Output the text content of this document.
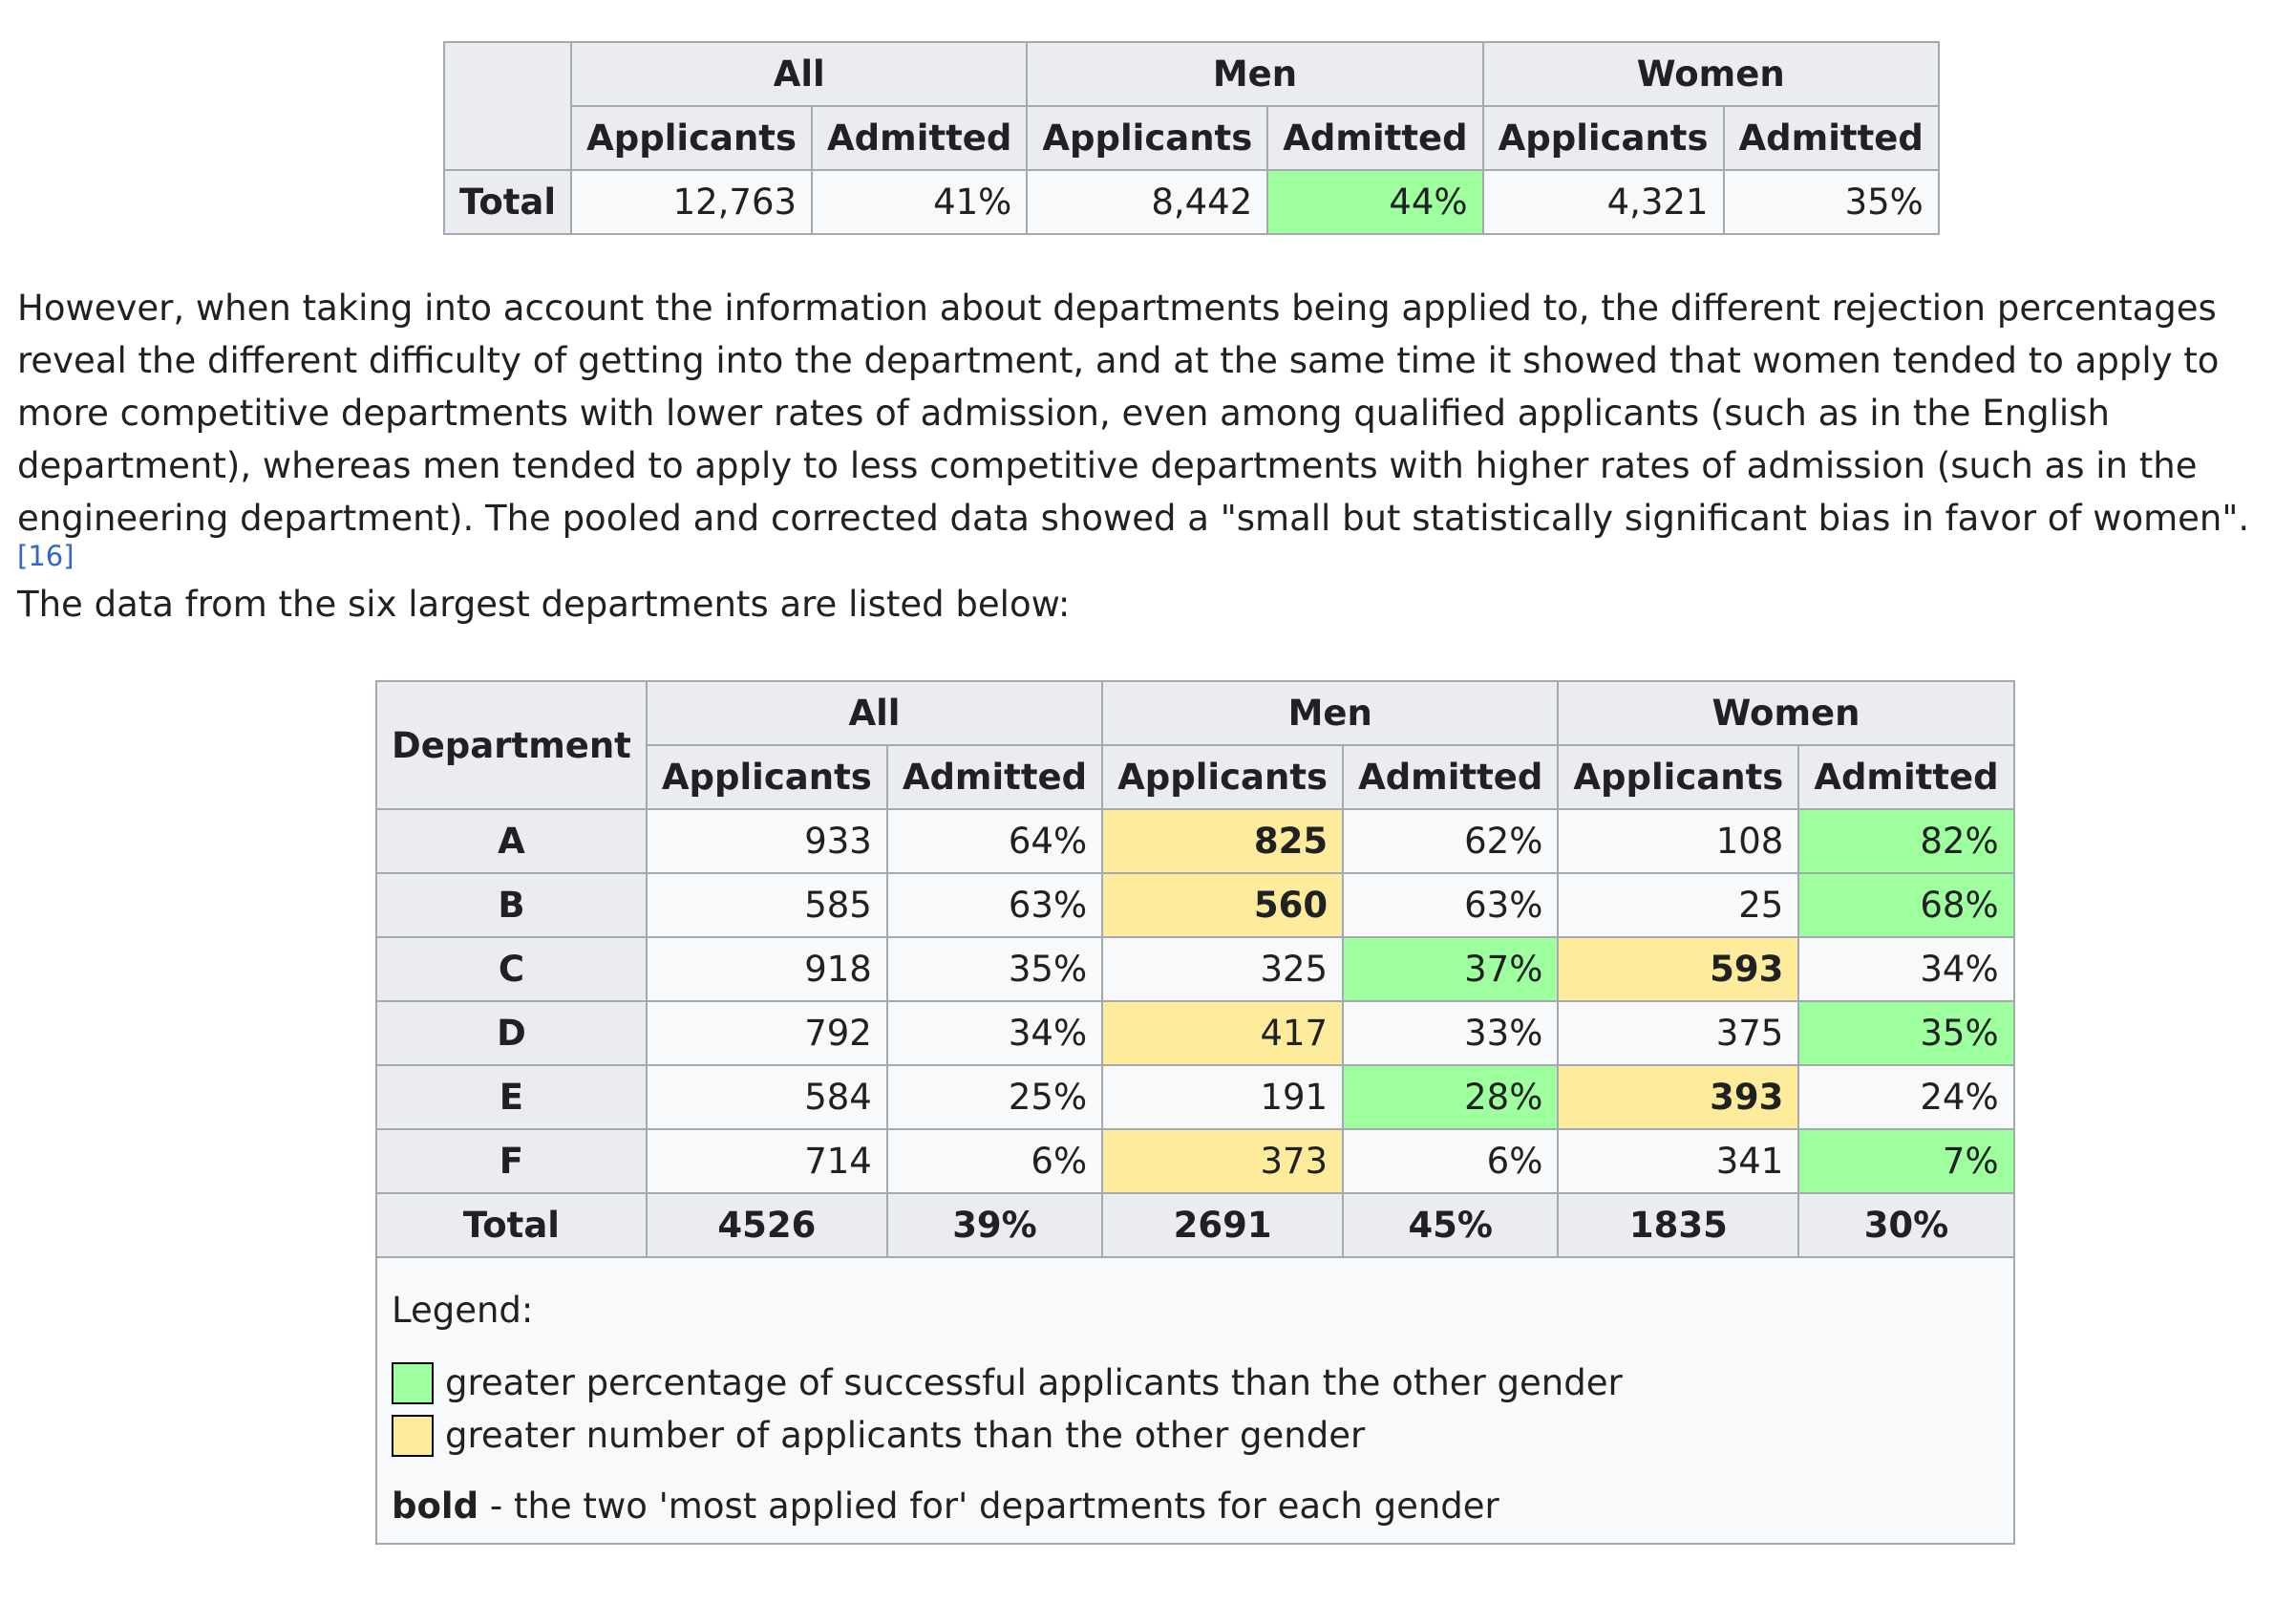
	All		Men		Women	
	Applicants	Admitted	Applicants	Admitted	Applicants	Admitted
Total	12,763	41%	8,442	44%	4,321	35%

However, when taking into account the information about departments being applied to, the different rejection percentages reveal the different difficulty of getting into the department, and at the same time it showed that women tended to apply to more competitive departments with lower rates of admission, even among qualified applicants (such as in the English department), whereas men tended to apply to less competitive departments with higher rates of admission (such as in the engineering department). The pooled and corrected data showed a "small but statistically significant bias in favor of women".[16]

The data from the six largest departments are listed below:

Department	All		Men		Women	
	Applicants	Admitted	Applicants	Admitted	Applicants	Admitted
A	933	64%	825	62%	108	82%
B	585	63%	560	63%	25	68%
C	918	35%	325	37%	593	34%
D	792	34%	417	33%	375	35%
E	584	25%	191	28%	393	24%
F	714	6%	373	6%	341	7%
Total	4526	39%	2691	45%	1835	30%

Legend:
greater percentage of successful applicants than the other gender
greater number of applicants than the other gender
bold - the two 'most applied for' departments for each gender						
